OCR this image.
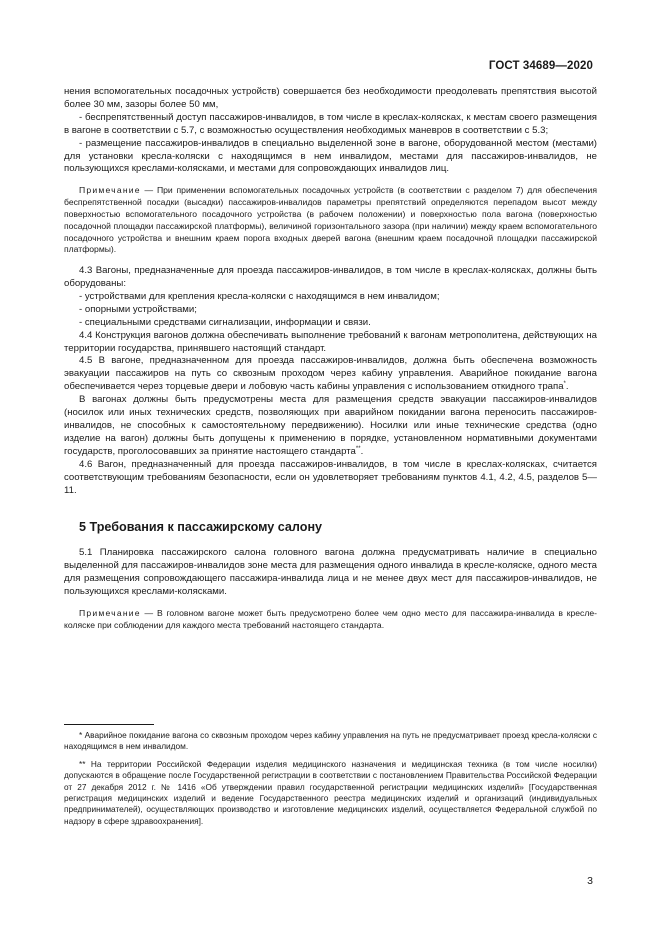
ГОСТ 34689—2020

нения вспомогательных посадочных устройств) совершается без необходимости преодолевать препятствия высотой более 30 мм, зазоры более 50 мм,

- беспрепятственный доступ пассажиров-инвалидов, в том числе в креслах-колясках, к местам своего размещения в вагоне в соответствии с 5.7, с возможностью осуществления необходимых маневров в соответствии с 5.3;

- размещение пассажиров-инвалидов в специально выделенной зоне в вагоне, оборудованной местом (местами) для установки кресла-коляски с находящимся в нем инвалидом, местами для пассажиров-инвалидов, не пользующихся креслами-колясками, и местами для сопровождающих инвалидов лиц.

Примечание — При применении вспомогательных посадочных устройств (в соответствии с разделом 7) для обеспечения беспрепятственной посадки (высадки) пассажиров-инвалидов параметры препятствий определяются перепадом высот между поверхностью вспомогательного посадочного устройства (в рабочем положении) и поверхностью пола вагона (поверхностью посадочной площадки пассажирской платформы), величиной горизонтального зазора (при наличии) между краем вспомогательного посадочного устройства и внешним краем порога входных дверей вагона (внешним краем посадочной площадки пассажирской платформы).

4.3 Вагоны, предназначенные для проезда пассажиров-инвалидов, в том числе в креслах-колясках, должны быть оборудованы:

- устройствами для крепления кресла-коляски с находящимся в нем инвалидом;

- опорными устройствами;

- специальными средствами сигнализации, информации и связи.

4.4 Конструкция вагонов должна обеспечивать выполнение требований к вагонам метрополитена, действующих на территории государства, принявшего настоящий стандарт.

4.5 В вагоне, предназначенном для проезда пассажиров-инвалидов, должна быть обеспечена возможность эвакуации пассажиров на путь со сквозным проходом через кабину управления. Аварийное покидание вагона обеспечивается через торцевые двери и лобовую часть кабины управления с использованием откидного трапа*.

В вагонах должны быть предусмотрены места для размещения средств эвакуации пассажиров-инвалидов (носилок или иных технических средств, позволяющих при аварийном покидании вагона переносить пассажиров-инвалидов, не способных к самостоятельному передвижению). Носилки или иные технические средства (одно изделие на вагон) должны быть допущены к применению в порядке, установленном нормативными документами государств, проголосовавших за принятие настоящего стандарта**.

4.6 Вагон, предназначенный для проезда пассажиров-инвалидов, в том числе в креслах-колясках, считается соответствующим требованиям безопасности, если он удовлетворяет требованиям пунктов 4.1, 4.2, 4.5, разделов 5—11.

5 Требования к пассажирскому салону

5.1 Планировка пассажирского салона головного вагона должна предусматривать наличие в специально выделенной для пассажиров-инвалидов зоне места для размещения одного инвалида в кресле-коляске, одного места для размещения сопровождающего пассажира-инвалида лица и не менее двух мест для пассажиров-инвалидов, не пользующихся креслами-колясками.

Примечание — В головном вагоне может быть предусмотрено более чем одно место для пассажира-инвалида в кресле-коляске при соблюдении для каждого места требований настоящего стандарта.

* Аварийное покидание вагона со сквозным проходом через кабину управления на путь не предусматривает проезд кресла-коляски с находящимся в нем инвалидом.

** На территории Российской Федерации изделия медицинского назначения и медицинская техника (в том числе носилки) допускаются в обращение после Государственной регистрации в соответствии с постановлением Правительства Российской Федерации от 27 декабря 2012 г. № 1416 «Об утверждении правил государственной регистрации медицинских изделий» [Государственная регистрация медицинских изделий и ведение Государственного реестра медицинских изделий и организаций (индивидуальных предпринимателей), осуществляющих производство и изготовление медицинских изделий, осуществляется Федеральной службой по надзору в сфере здравоохранения].

3
